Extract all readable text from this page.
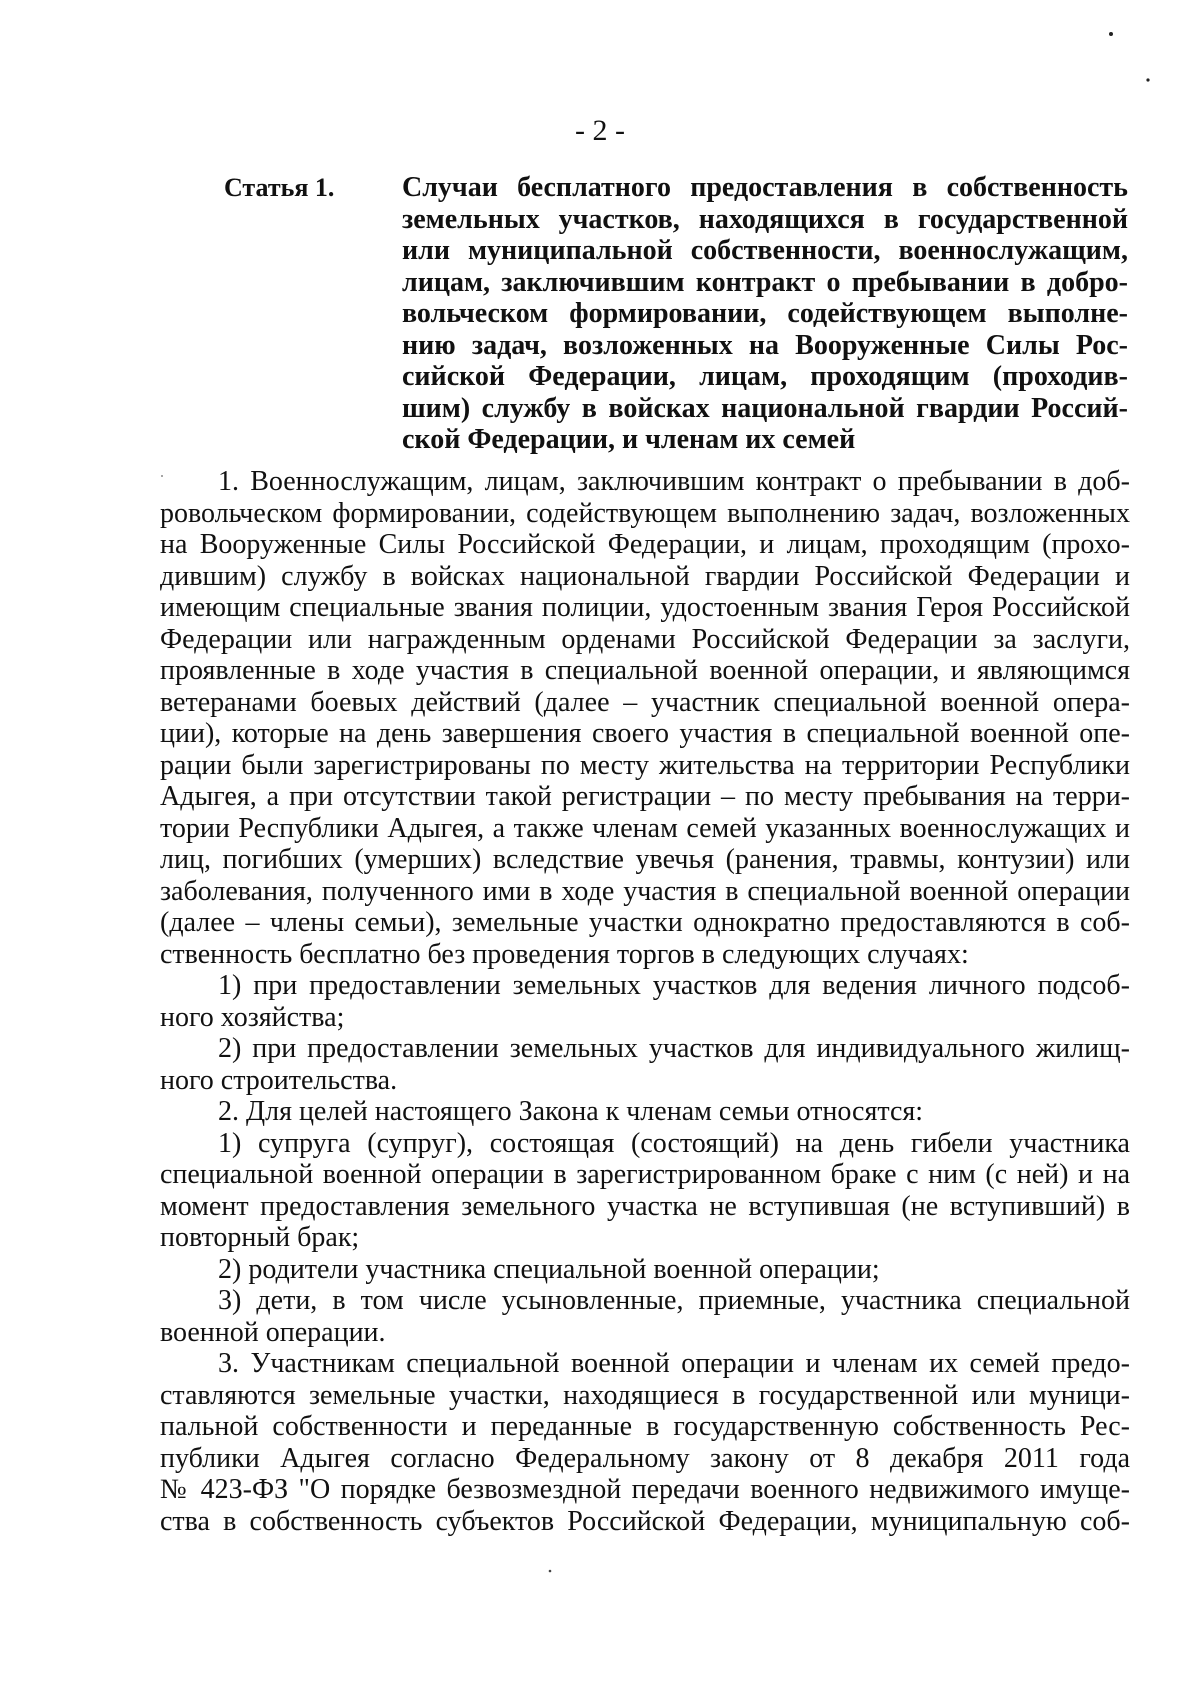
- 2 -
Статья 1. Случаи бесплатного предоставления в собственность
земельных участков, находящихся в государственной
или муниципальной собственности, военнослужащим,
лицам, заключившим контракт о пребывании в добро-
вольческом формировании, содействующем выполне-
нию задач, возложенных на Вооруженные Силы Рос-
сийской Федерации, лицам, проходящим (проходив-
шим) службу в войсках национальной гвардии Россий-
ской Федерации, и членам их семей
1. Военнослужащим, лицам, заключившим контракт о пребывании в доб-
ровольческом формировании, содействующем выполнению задач, возложенных
на Вооруженные Силы Российской Федерации, и лицам, проходящим (прохо-
дившим) службу в войсках национальной гвардии Российской Федерации и
имеющим специальные звания полиции, удостоенным звания Героя Российской
Федерации или награжденным орденами Российской Федерации за заслуги,
проявленные в ходе участия в специальной военной операции, и являющимся
ветеранами боевых действий (далее – участник специальной военной опера-
ции), которые на день завершения своего участия в специальной военной опе-
рации были зарегистрированы по месту жительства на территории Республики
Адыгея, а при отсутствии такой регистрации – по месту пребывания на терри-
тории Республики Адыгея, а также членам семей указанных военнослужащих и
лиц, погибших (умерших) вследствие увечья (ранения, травмы, контузии) или
заболевания, полученного ими в ходе участия в специальной военной операции
(далее – члены семьи), земельные участки однократно предоставляются в соб-
ственность бесплатно без проведения торгов в следующих случаях:
1) при предоставлении земельных участков для ведения личного подсоб-
ного хозяйства;
2) при предоставлении земельных участков для индивидуального жилищ-
ного строительства.
2. Для целей настоящего Закона к членам семьи относятся:
1) супруга (супруг), состоящая (состоящий) на день гибели участника
специальной военной операции в зарегистрированном браке с ним (с ней) и на
момент предоставления земельного участка не вступившая (не вступивший) в
повторный брак;
2) родители участника специальной военной операции;
3) дети, в том числе усыновленные, приемные, участника специальной
военной операции.
3. Участникам специальной военной операции и членам их семей предо-
ставляются земельные участки, находящиеся в государственной или муници-
пальной собственности и переданные в государственную собственность Рес-
публики Адыгея согласно Федеральному закону от 8 декабря 2011 года
№ 423-ФЗ "О порядке безвозмездной передачи военного недвижимого имуще-
ства в собственность субъектов Российской Федерации, муниципальную соб-
